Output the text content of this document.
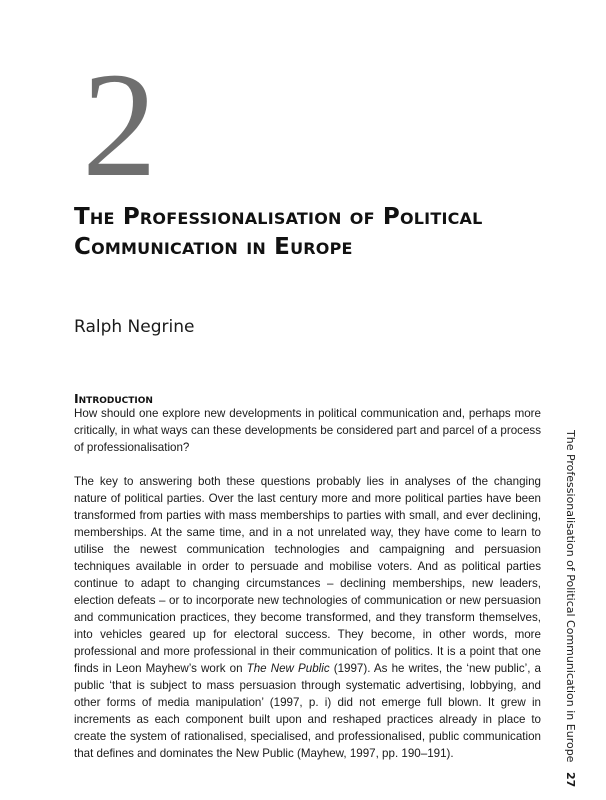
2
The Professionalisation of Political Communication in Europe
Ralph Negrine
Introduction

How should one explore new developments in political communication and, perhaps more critically, in what ways can these developments be considered part and parcel of a process of professionalisation?

The key to answering both these questions probably lies in analyses of the changing nature of political parties. Over the last century more and more political parties have been transformed from parties with mass memberships to parties with small, and ever declining, memberships. At the same time, and in a not unrelated way, they have come to learn to utilise the newest communication technologies and campaigning and persuasion techniques available in order to persuade and mobilise voters. And as political parties continue to adapt to changing circumstances – declining memberships, new leaders, election defeats – or to incorporate new technologies of communication or new persuasion and communication practices, they become transformed, and they transform themselves, into vehicles geared up for electoral success. They become, in other words, more professional and more professional in their communication of politics. It is a point that one finds in Leon Mayhew’s work on The New Public (1997). As he writes, the ‘new public’, a public ‘that is subject to mass persuasion through systematic advertising, lobbying, and other forms of media manipulation’ (1997, p. i) did not emerge full blown. It grew in increments as each component built upon and reshaped practices already in place to create the system of rationalised, specialised, and professionalised, public communication that defines and dominates the New Public (Mayhew, 1997, pp. 190–191).	The Professionalisation of Political Communication in Europe 27
